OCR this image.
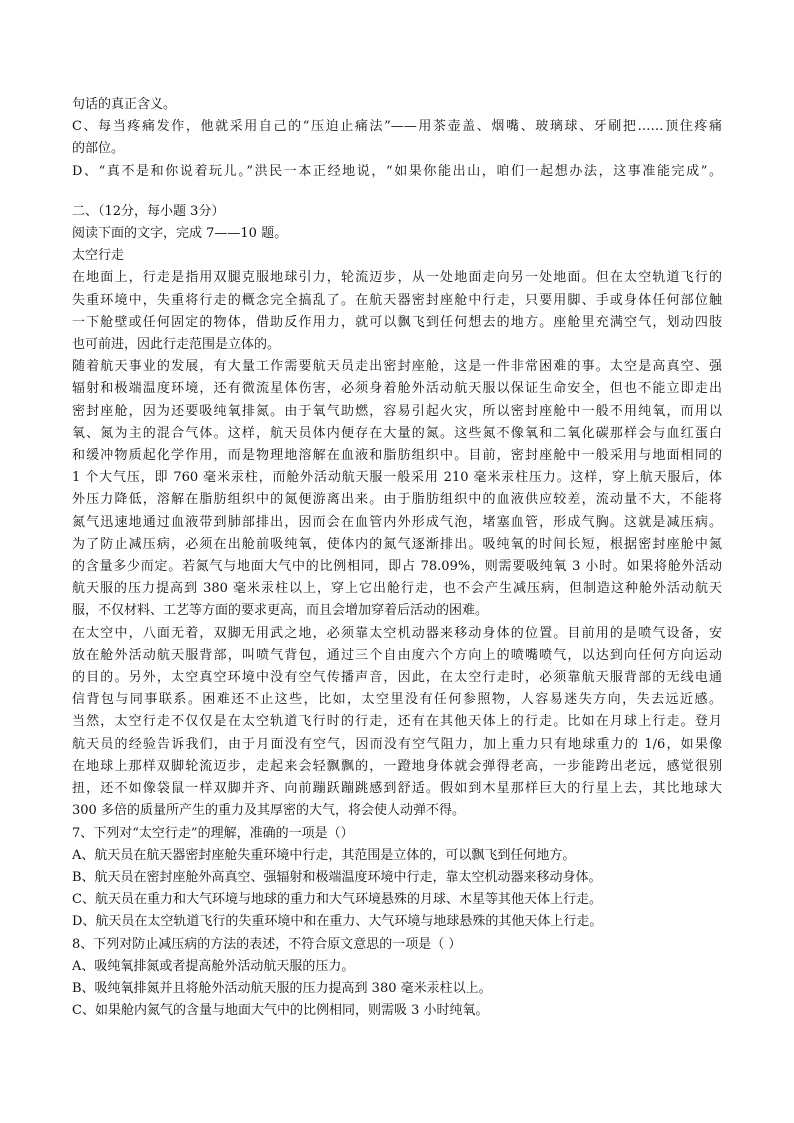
句话的真正含义。
C、每当疼痛发作，他就采用自己的“压迫止痛法”——用茶壶盖、烟嘴、玻璃球、牙刷把……顶住疼痛
的部位。
D、“真不是和你说着玩儿。”洪民一本正经地说，“如果你能出山，咱们一起想办法，这事准能完成”。
二、（12分，每小题 3分）
阅读下面的文字，完成 7——10 题。
太空行走
在地面上，行走是指用双腿克服地球引力，轮流迈步，从一处地面走向另一处地面。但在太空轨道飞行的
失重环境中，失重将行走的概念完全搞乱了。在航天器密封座舱中行走，只要用脚、手或身体任何部位触
一下舱壁或任何固定的物体，借助反作用力，就可以飘飞到任何想去的地方。座舱里充满空气，划动四肢
也可前进，因此行走范围是立体的。
随着航天事业的发展，有大量工作需要航天员走出密封座舱，这是一件非常困难的事。太空是高真空、强
辐射和极端温度环境，还有微流星体伤害，必须身着舱外活动航天服以保证生命安全，但也不能立即走出
密封座舱，因为还要吸纯氧排氮。由于氧气助燃，容易引起火灾，所以密封座舱中一般不用纯氧，而用以
氧、氮为主的混合气体。这样，航天员体内便存在大量的氮。这些氮不像氧和二氧化碳那样会与血红蛋白
和缓冲物质起化学作用，而是物理地溶解在血液和脂肪组织中。目前，密封座舱中一般采用与地面相同的
1 个大气压，即 760 毫米汞柱，而舱外活动航天服一般采用 210 毫米汞柱压力。这样，穿上航天服后，体
外压力降低，溶解在脂肪组织中的氮便游离出来。由于脂肪组织中的血液供应较差，流动量不大，不能将
氮气迅速地通过血液带到肺部排出，因而会在血管内外形成气泡，堵塞血管，形成气胸。这就是减压病。
为了防止减压病，必须在出舱前吸纯氧，使体内的氮气逐渐排出。吸纯氧的时间长短，根据密封座舱中氮
的含量多少而定。若氮气与地面大气中的比例相同，即占 78.09%，则需要吸纯氧 3 小时。如果将舱外活动
航天服的压力提高到 380 毫米汞柱以上，穿上它出舱行走，也不会产生减压病，但制造这种舱外活动航天
服，不仅材料、工艺等方面的要求更高，而且会增加穿着后活动的困难。
在太空中，八面无着，双脚无用武之地，必须靠太空机动器来移动身体的位置。目前用的是喷气设备，安
放在舱外活动航天服背部，叫喷气背包，通过三个自由度六个方向上的喷嘴喷气，以达到向任何方向运动
的目的。另外，太空真空环境中没有空气传播声音，因此，在太空行走时，必须靠航天服背部的无线电通
信背包与同事联系。困难还不止这些，比如，太空里没有任何参照物，人容易迷失方向，失去远近感。
当然，太空行走不仅仅是在太空轨道飞行时的行走，还有在其他天体上的行走。比如在月球上行走。登月
航天员的经验告诉我们，由于月面没有空气，因而没有空气阻力，加上重力只有地球重力的 1/6，如果像
在地球上那样双脚轮流迈步，走起来会轻飘飘的，一蹬地身体就会弹得老高，一步能跨出老远，感觉很别
扭，还不如像袋鼠一样双脚并齐、向前蹦跃蹦跳感到舒适。假如到木星那样巨大的行星上去，其比地球大
300 多倍的质量所产生的重力及其厚密的大气，将会使人动弹不得。
7、下列对“太空行走”的理解，准确的一项是（）
A、航天员在航天器密封座舱失重环境中行走，其范围是立体的，可以飘飞到任何地方。
B、航天员在密封座舱外高真空、强辐射和极端温度环境中行走，靠太空机动器来移动身体。
C、航天员在重力和大气环境与地球的重力和大气环境悬殊的月球、木星等其他天体上行走。
D、航天员在太空轨道飞行的失重环境中和在重力、大气环境与地球悬殊的其他天体上行走。
8、下列对防止减压病的方法的表述，不符合原文意思的一项是（ ）
A、吸纯氧排氮或者提高舱外活动航天服的压力。
B、吸纯氧排氮并且将舱外活动航天服的压力提高到 380 毫米汞柱以上。
C、如果舱内氮气的含量与地面大气中的比例相同，则需吸 3 小时纯氧。
